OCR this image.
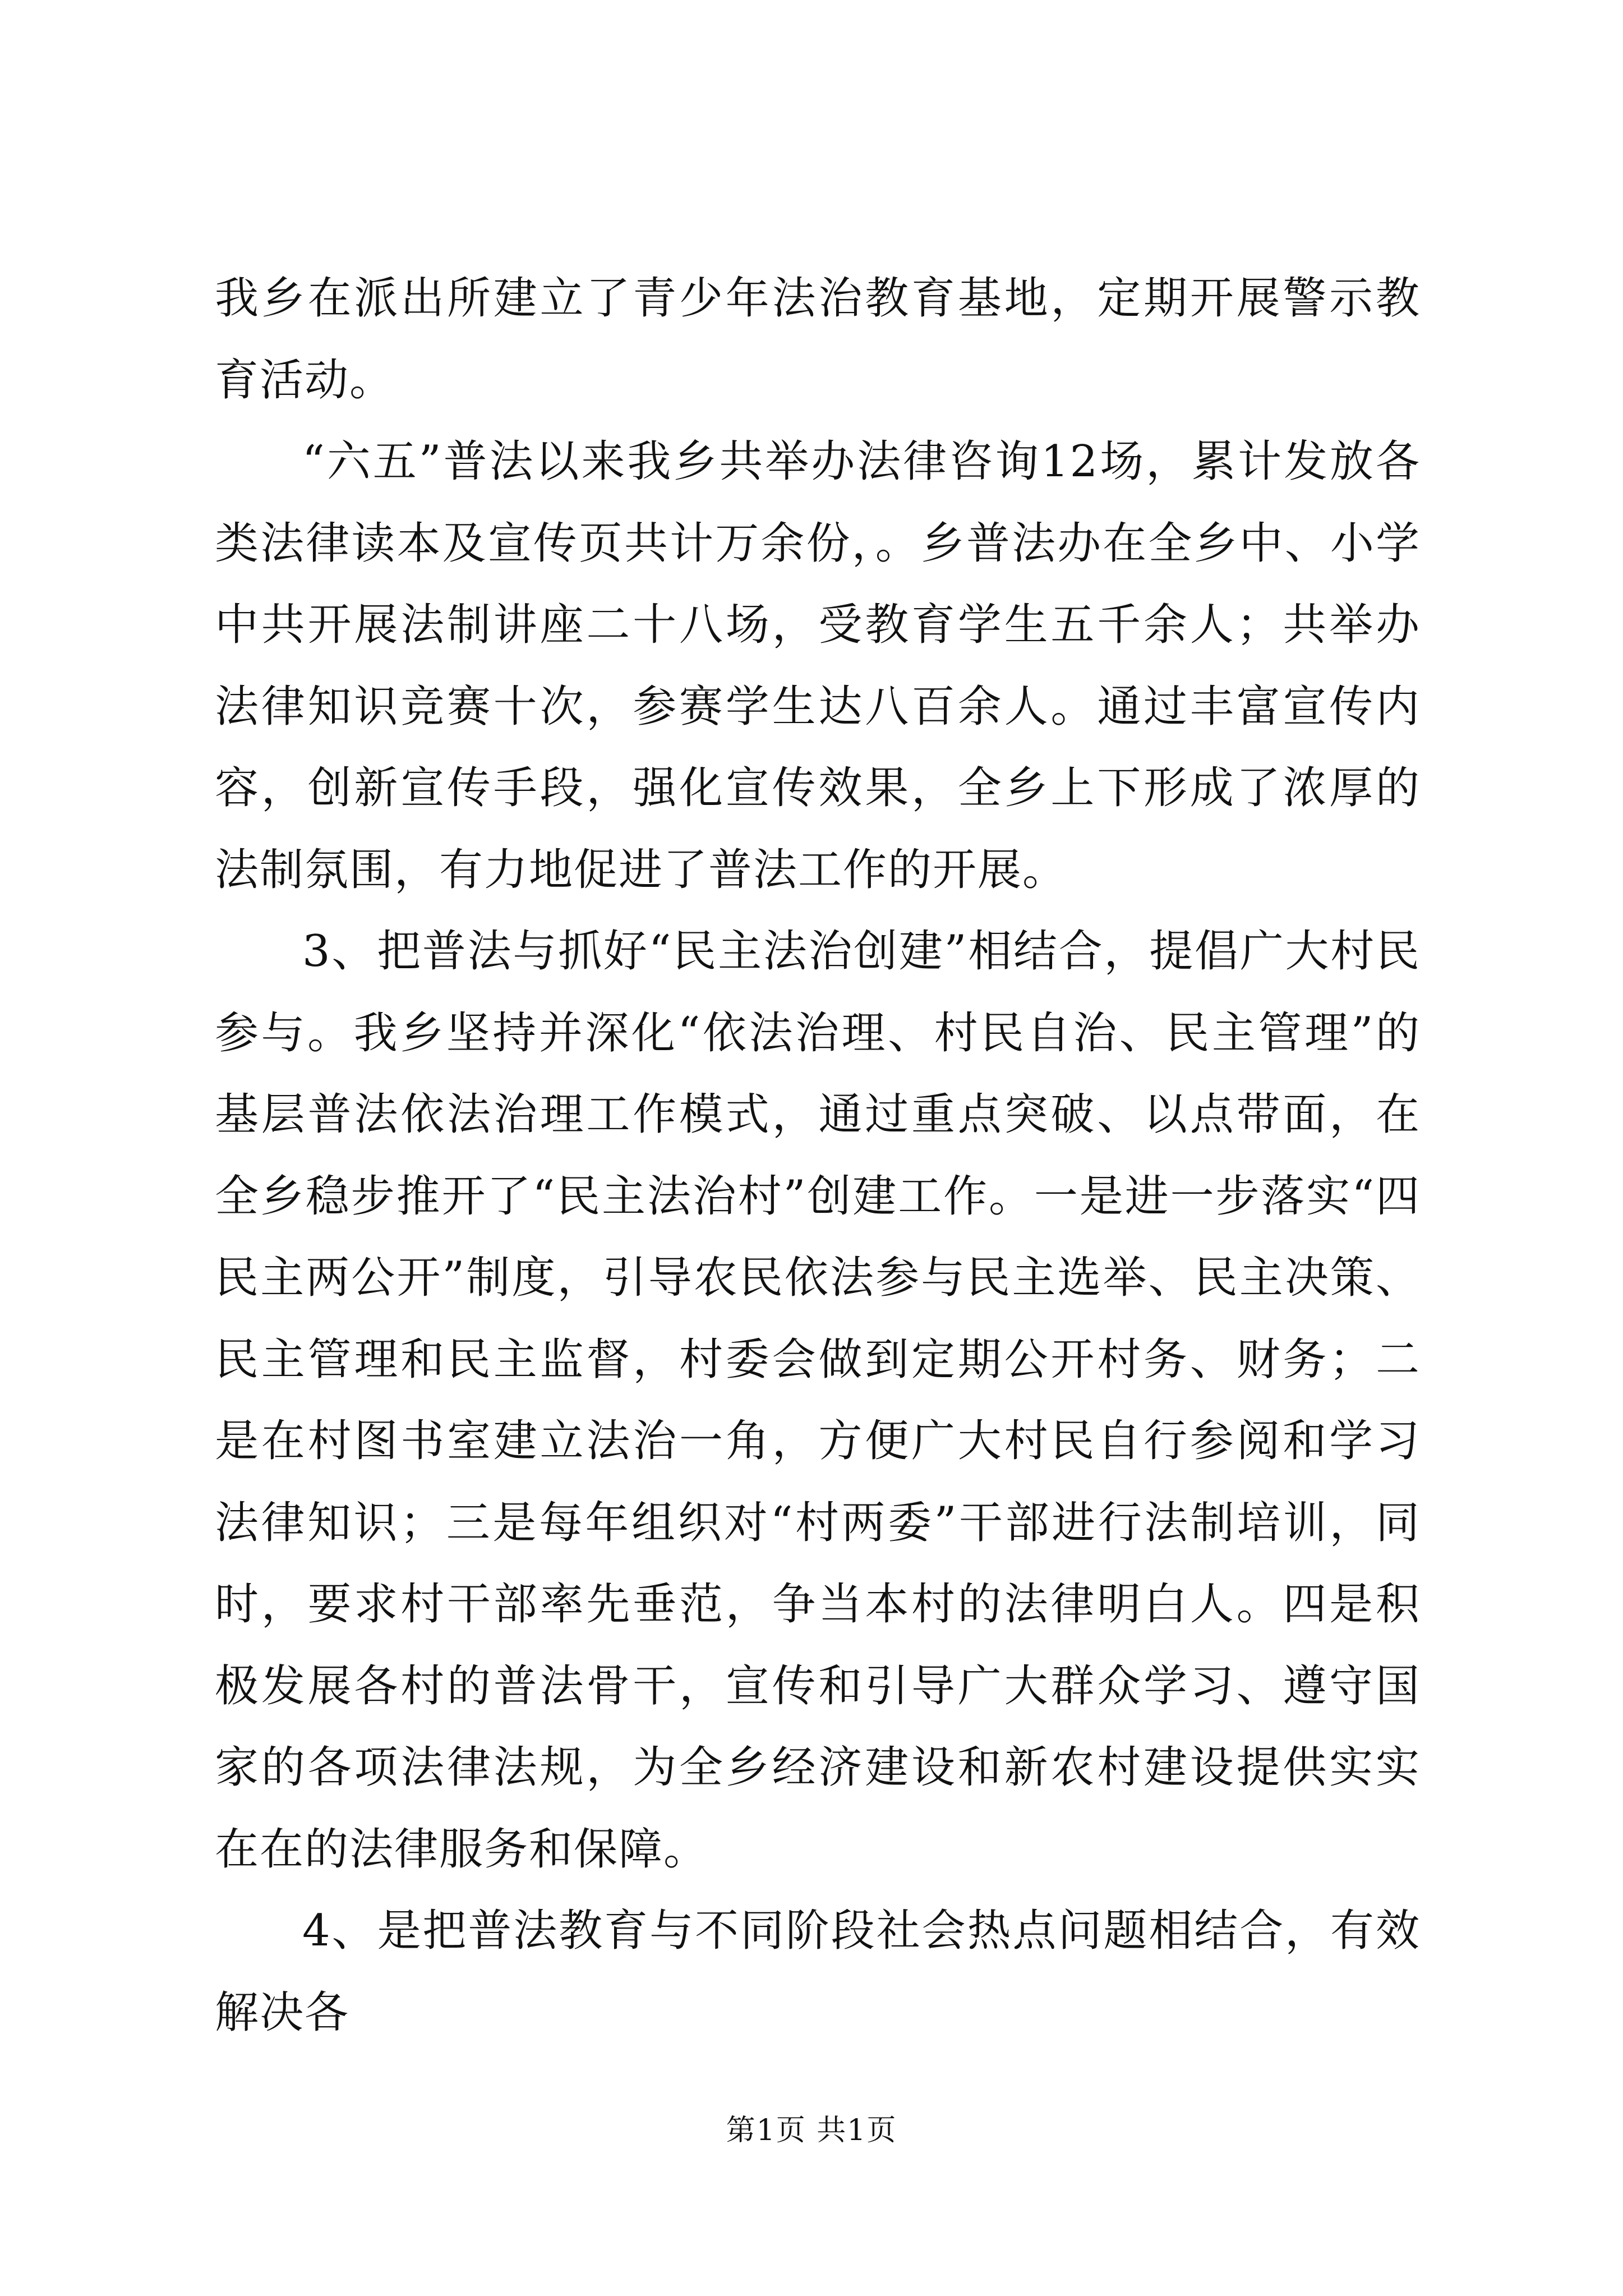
我乡在派出所建立了青少年法治教育基地，定期开展警示教育活动。

“六五”普法以来我乡共举办法律咨询12场，累计发放各类法律读本及宣传页共计万余份，。乡普法办在全乡中、小学中共开展法制讲座二十八场，受教育学生五千余人；共举办法律知识竞赛十次，参赛学生达八百余人。通过丰富宣传内容，创新宣传手段，强化宣传效果，全乡上下形成了浓厚的法制氛围，有力地促进了普法工作的开展。

3、把普法与抓好“民主法治创建”相结合，提倡广大村民参与。我乡坚持并深化“依法治理、村民自治、民主管理”的基层普法依法治理工作模式，通过重点突破、以点带面，在全乡稳步推开了“民主法治村”创建工作。一是进一步落实“四民主两公开”制度，引导农民依法参与民主选举、民主决策、民主管理和民主监督，村委会做到定期公开村务、财务；二是在村图书室建立法治一角，方便广大村民自行参阅和学习法律知识；三是每年组织对“村两委”干部进行法制培训，同时，要求村干部率先垂范，争当本村的法律明白人。四是积极发展各村的普法骨干，宣传和引导广大群众学习、遵守国家的各项法律法规，为全乡经济建设和新农村建设提供实实在在的法律服务和保障。

4、是把普法教育与不同阶段社会热点问题相结合，有效解决各

第1页 共1页
